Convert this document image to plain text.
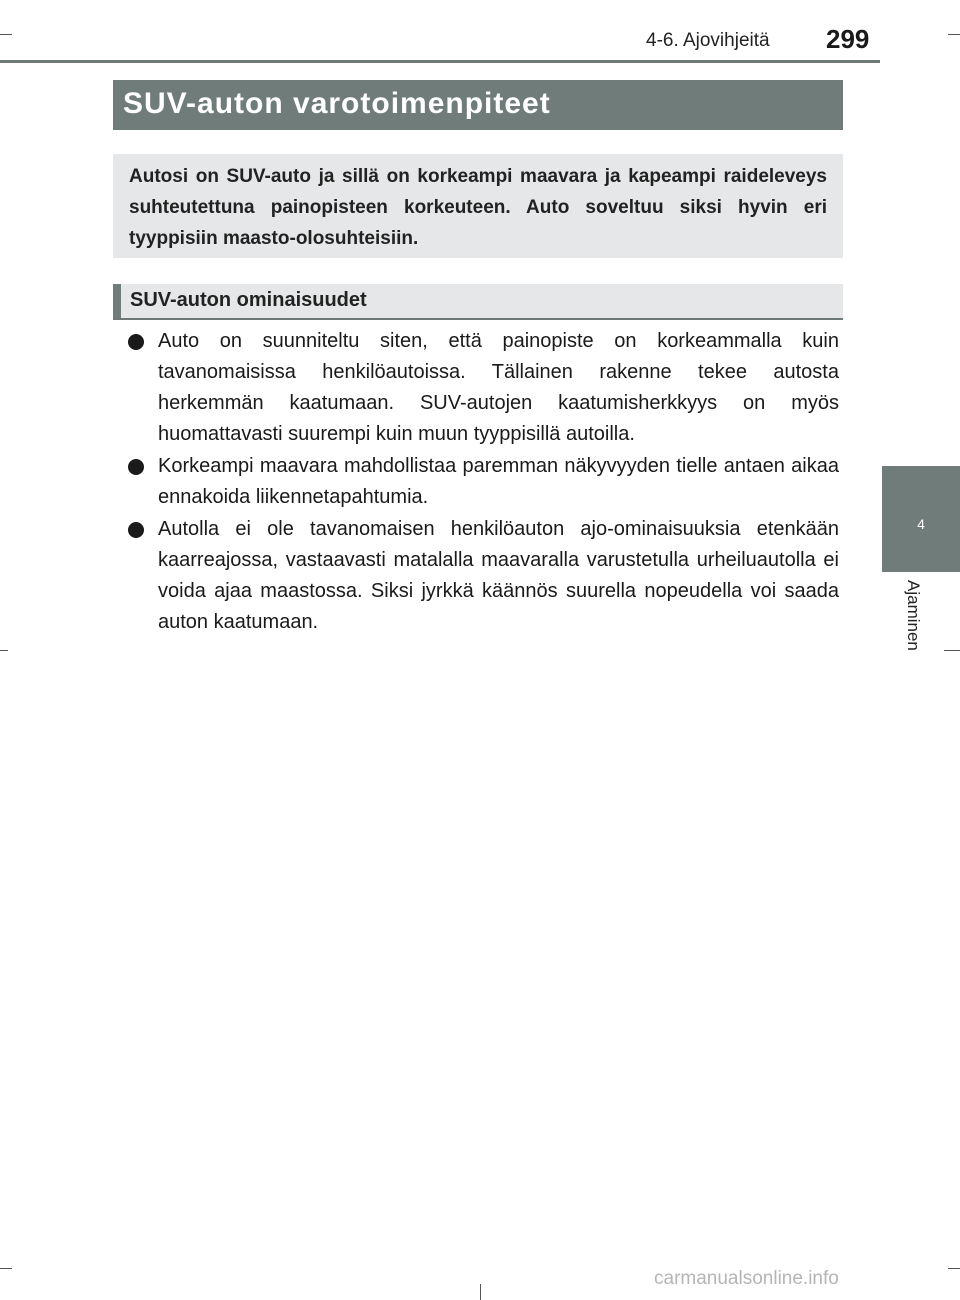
4-6. Ajovihjeitä 299
4
Ajaminen
SUV-auton varotoimenpiteet

Autosi on SUV-auto ja sillä on korkeampi maavara ja kapeampi raideleveys suhteutettuna painopisteen korkeuteen. Auto soveltuu siksi hyvin eri tyyppisiin maasto-olosuhteisiin.

SUV-auton ominaisuudet
Auto on suunniteltu siten, että painopiste on korkeammalla kuin tavanomaisissa henkilöautoissa. Tällainen rakenne tekee autosta herkemmän kaatumaan. SUV-autojen kaatumisherkkyys on myös huomattavasti suurempi kuin muun tyyppisillä autoilla.
Korkeampi maavara mahdollistaa paremman näkyvyyden tielle antaen aikaa ennakoida liikennetapahtumia.
Autolla ei ole tavanomaisen henkilöauton ajo-ominaisuuksia etenkään kaarreajossa, vastaavasti matalalla maavaralla varustetulla urheiluautolla ei voida ajaa maastossa. Siksi jyrkkä käännös suurella nopeudella voi saada auton kaatumaan.
carmanualsonline.info
